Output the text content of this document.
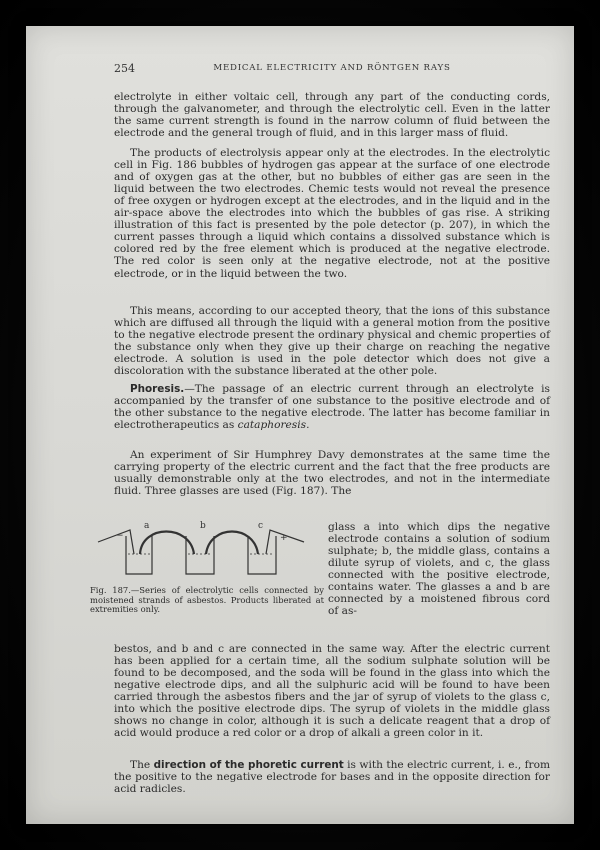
254	MEDICAL ELECTRICITY AND RÖNTGEN RAYS

electrolyte in either voltaic cell, through any part of the conducting cords, through the galvanometer, and through the electrolytic cell. Even in the latter the same current strength is found in the narrow column of fluid between the electrode and the general trough of fluid, and in this larger mass of fluid.

The products of electrolysis appear only at the electrodes. In the electrolytic cell in Fig. 186 bubbles of hydrogen gas appear at the surface of one electrode and of oxygen gas at the other, but no bubbles of either gas are seen in the liquid between the two electrodes. Chemic tests would not reveal the presence of free oxygen or hydrogen except at the electrodes, and in the liquid and in the air-space above the electrodes into which the bubbles of gas rise. A striking illustration of this fact is presented by the pole detector (p. 207), in which the current passes through a liquid which contains a dissolved substance which is colored red by the free element which is produced at the negative electrode. The red color is seen only at the negative electrode, not at the positive electrode, or in the liquid between the two.

This means, according to our accepted theory, that the ions of this substance which are diffused all through the liquid with a general motion from the positive to the negative electrode present the ordinary physical and chemic properties of the substance only when they give up their charge on reaching the negative electrode. A solution is used in the pole detector which does not give a discoloration with the substance liberated at the other pole.

Phoresis.—The passage of an electric current through an electrolyte is accompanied by the transfer of one substance to the positive electrode and of the other substance to the negative electrode. The latter has become familiar in electrotherapeutics as cataphoresis.

An experiment of Sir Humphrey Davy demonstrates at the same time the carrying property of the electric current and the fact that the free products are usually demonstrable only at the two electrodes, and not in the intermediate fluid. Three glasses are used (Fig. 187). The

a	b	c
−	+

Fig. 187.—Series of electrolytic cells connected by moistened strands of asbestos. Products liberated at extremities only.

glass a into which dips the negative electrode contains a solution of sodium sulphate; b, the middle glass, contains a dilute syrup of violets, and c, the glass connected with the positive electrode, contains water. The glasses a and b are connected by a moistened fibrous cord of as-

bestos, and b and c are connected in the same way. After the electric current has been applied for a certain time, all the sodium sulphate solution will be found to be decomposed, and the soda will be found in the glass into which the negative electrode dips, and all the sulphuric acid will be found to have been carried through the asbestos fibers and the jar of syrup of violets to the glass c, into which the positive electrode dips. The syrup of violets in the middle glass shows no change in color, although it is such a delicate reagent that a drop of acid would produce a red color or a drop of alkali a green color in it.

The direction of the phoretic current is with the electric current, i. e., from the positive to the negative electrode for bases and in the opposite direction for acid radicles.
